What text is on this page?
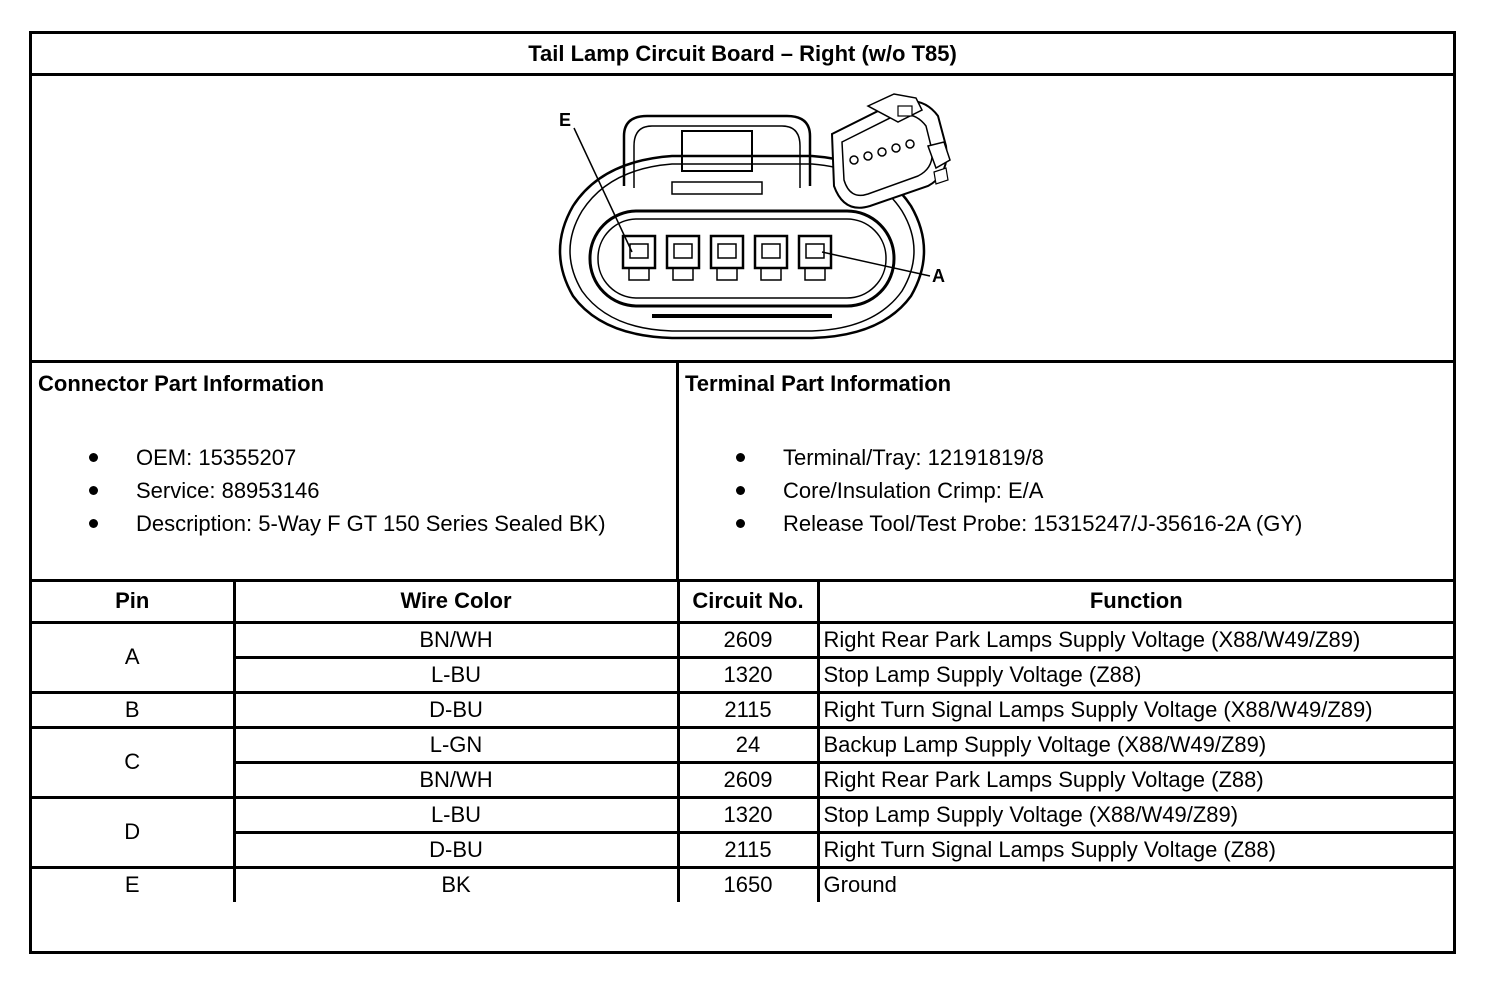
Tail Lamp Circuit Board – Right (w/o T85)
E
A
Connector Part Information
OEM: 15355207
Service: 88953146
Description: 5-Way F GT 150 Series Sealed BK)
Terminal Part Information
Terminal/Tray: 12191819/8
Core/Insulation Crimp: E/A
Release Tool/Test Probe: 15315247/J-35616-2A (GY)
Pin	Wire Color	Circuit No.	Function
A	BN/WH	2609	Right Rear Park Lamps Supply Voltage (X88/W49/Z89)
	L-BU	1320	Stop Lamp Supply Voltage (Z88)
B	D-BU	2115	Right Turn Signal Lamps Supply Voltage (X88/W49/Z89)
C	L-GN	24	Backup Lamp Supply Voltage (X88/W49/Z89)
	BN/WH	2609	Right Rear Park Lamps Supply Voltage (Z88)
D	L-BU	1320	Stop Lamp Supply Voltage (X88/W49/Z89)
	D-BU	2115	Right Turn Signal Lamps Supply Voltage (Z88)
E	BK	1650	Ground
